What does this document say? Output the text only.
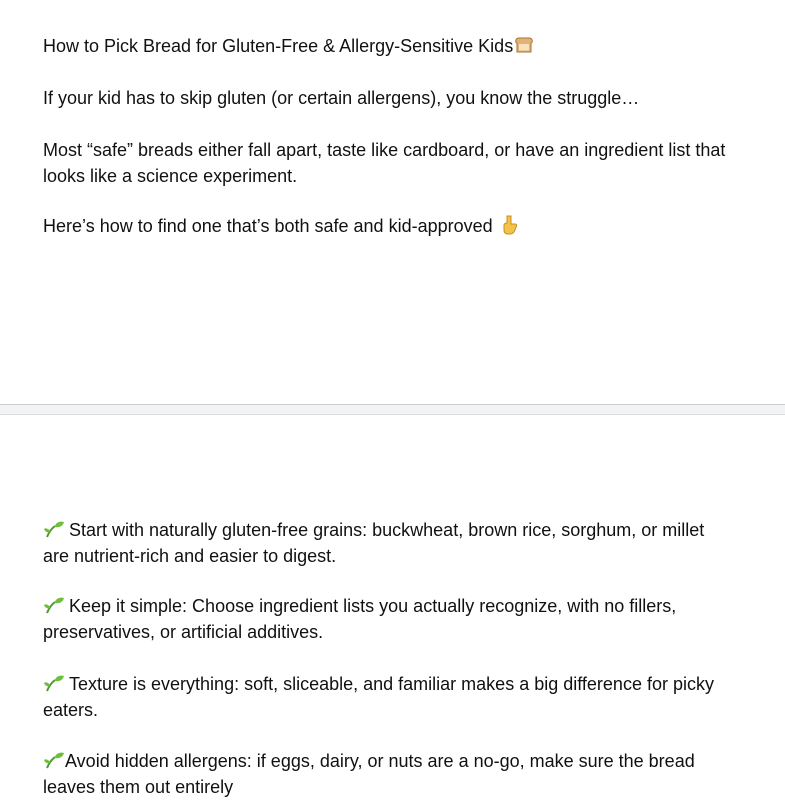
How to Pick Bread for Gluten-Free & Allergy-Sensitive Kids

If your kid has to skip gluten (or certain allergens), you know the struggle…

Most “safe” breads either fall apart, taste like cardboard, or have an ingredient list that looks like a science experiment.

Here’s how to find one that’s both safe and kid-approved

Start with naturally gluten-free grains: buckwheat, brown rice, sorghum, or millet are nutrient-rich and easier to digest.

Keep it simple: Choose ingredient lists you actually recognize, with no fillers, preservatives, or artificial additives.

Texture is everything: soft, sliceable, and familiar makes a big difference for picky eaters.

Avoid hidden allergens: if eggs, dairy, or nuts are a no-go, make sure the bread leaves them out entirely
